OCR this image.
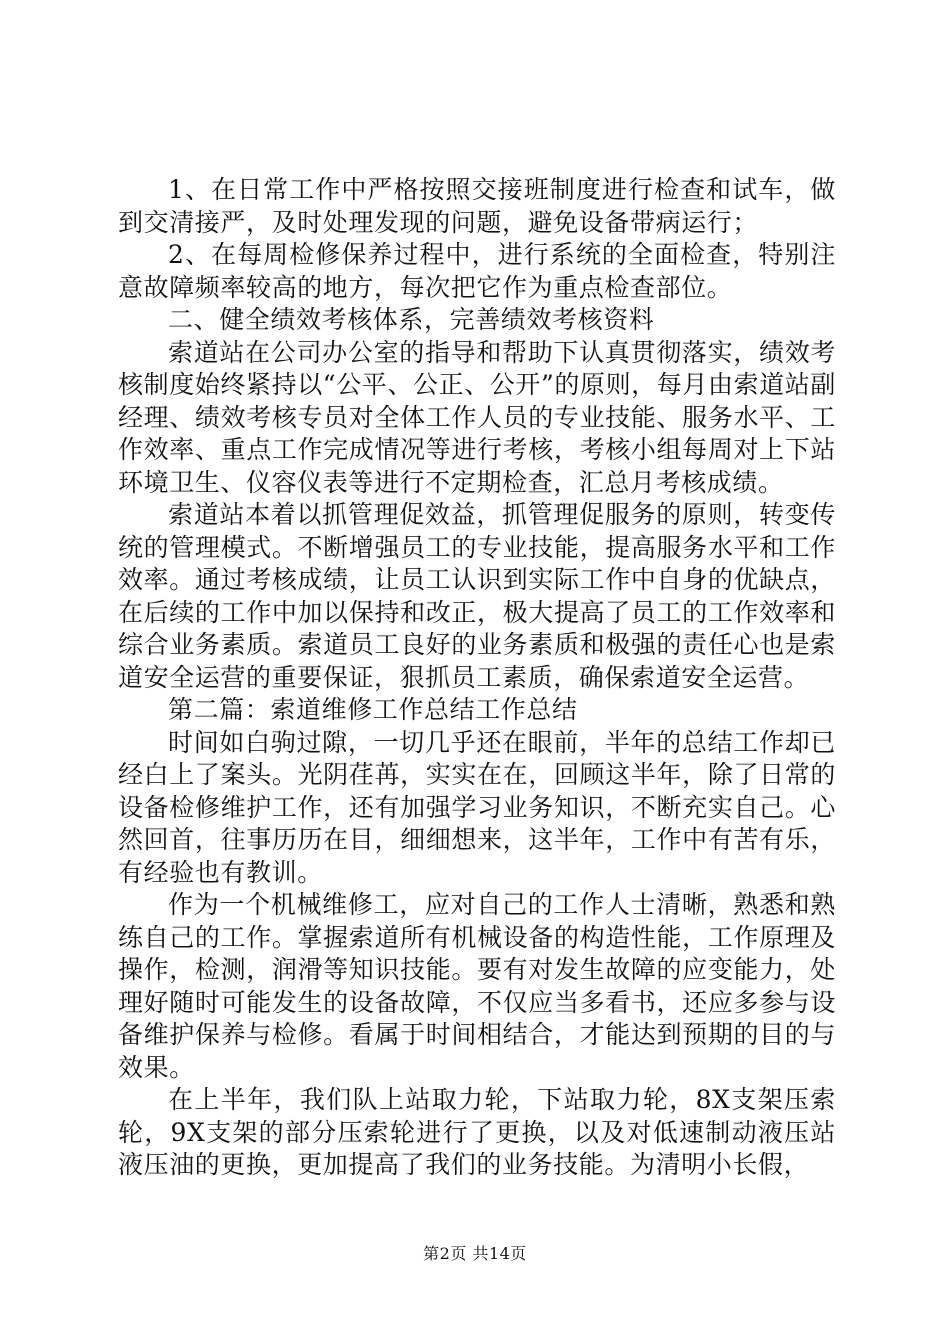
1、在日常工作中严格按照交接班制度进行检查和试车，做到交清接严，及时处理发现的问题，避免设备带病运行；

2、在每周检修保养过程中，进行系统的全面检查，特别注意故障频率较高的地方，每次把它作为重点检查部位。

二、健全绩效考核体系，完善绩效考核资料

索道站在公司办公室的指导和帮助下认真贯彻落实，绩效考核制度始终紧持以“公平、公正、公开”的原则，每月由索道站副经理、绩效考核专员对全体工作人员的专业技能、服务水平、工作效率、重点工作完成情况等进行考核，考核小组每周对上下站环境卫生、仪容仪表等进行不定期检查，汇总月考核成绩。

索道站本着以抓管理促效益，抓管理促服务的原则，转变传统的管理模式。不断增强员工的专业技能，提高服务水平和工作效率。通过考核成绩，让员工认识到实际工作中自身的优缺点，在后续的工作中加以保持和改正，极大提高了员工的工作效率和综合业务素质。索道员工良好的业务素质和极强的责任心也是索道安全运营的重要保证，狠抓员工素质，确保索道安全运营。

第二篇：索道维修工作总结工作总结

时间如白驹过隙，一切几乎还在眼前，半年的总结工作却已经白上了案头。光阴荏苒，实实在在，回顾这半年，除了日常的设备检修维护工作，还有加强学习业务知识，不断充实自己。心然回首，往事历历在目，细细想来，这半年，工作中有苦有乐，有经验也有教训。

作为一个机械维修工，应对自己的工作人士清晰，熟悉和熟练自己的工作。掌握索道所有机械设备的构造性能，工作原理及操作，检测，润滑等知识技能。要有对发生故障的应变能力，处理好随时可能发生的设备故障，不仅应当多看书，还应多参与设备维护保养与检修。看属于时间相结合，才能达到预期的目的与效果。

在上半年，我们队上站取力轮，下站取力轮，8X支架压索轮，9X支架的部分压索轮进行了更换，以及对低速制动液压站液压油的更换，更加提高了我们的业务技能。为清明小长假，

第2页 共14页
